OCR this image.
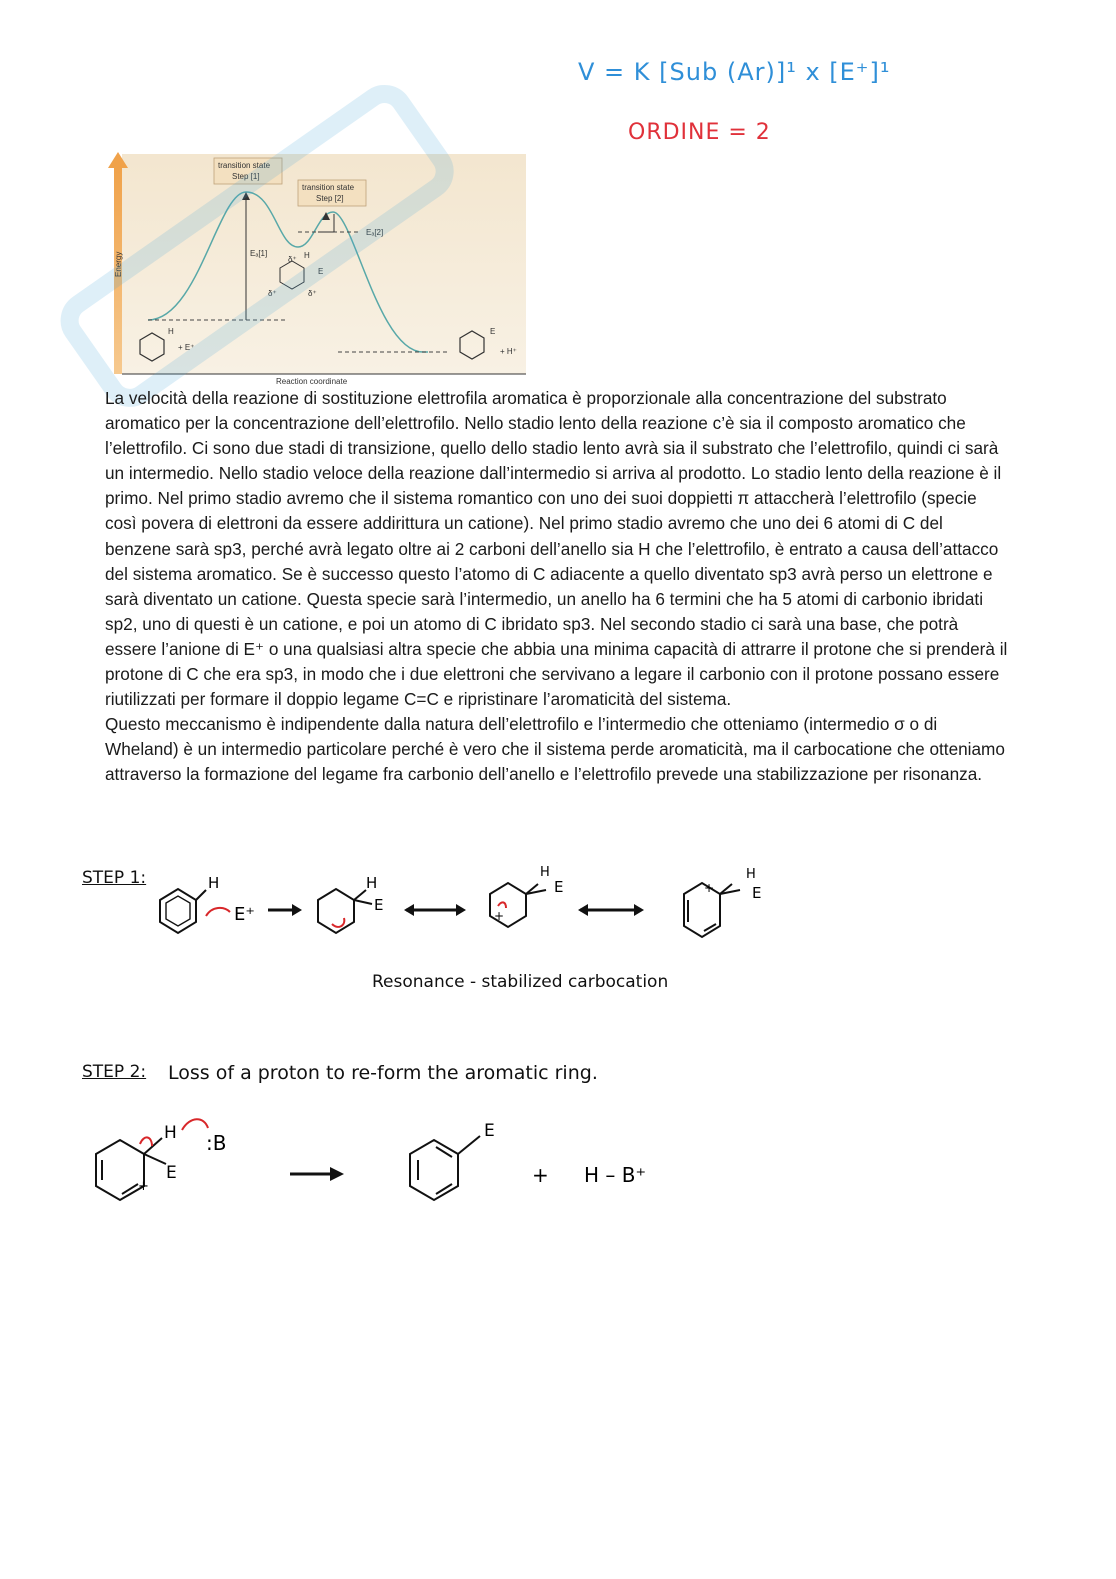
V = K [Sub (Ar)]¹ x [E⁺]¹
ORDINE = 2
Energy	Eₐ[1]
Eₐ[2]
transition state
Step [1]
transition state
Step [2]
H
E
δ⁺
δ⁺	δ⁺
H
+ E⁺
E
+ H⁺
Reaction coordinate

La velocità della reazione di sostituzione elettrofila aromatica è proporzionale alla concentrazione del substrato aromatico per la concentrazione dell’elettrofilo. Nello stadio lento della reazione c’è sia il composto aromatico che l’elettrofilo. Ci sono due stadi di transizione, quello dello stadio lento avrà sia il substrato che l’elettrofilo, quindi ci sarà un intermedio. Nello stadio veloce della reazione dall’intermedio si arriva al prodotto. Lo stadio lento della reazione è il primo. Nel primo stadio avremo che il sistema romantico con uno dei suoi doppietti π attaccherà l’elettrofilo (specie così povera di elettroni da essere addirittura un catione). Nel primo stadio avremo che uno dei 6 atomi di C del benzene sarà sp3, perché avrà legato oltre ai 2 carboni dell’anello sia H che l’elettrofilo, è entrato a causa dell’attacco del sistema aromatico. Se è successo questo l’atomo di C adiacente a quello diventato sp3 avrà perso un elettrone e sarà diventato un catione. Questa specie sarà l’intermedio, un anello ha 6 termini che ha 5 atomi di carbonio ibridati sp2, uno di questi è un catione, e poi un atomo di C ibridato sp3. Nel secondo stadio ci sarà una base, che potrà essere l’anione di E⁺ o una qualsiasi altra specie che abbia una minima capacità di attrarre il protone che si prenderà il protone di C che era sp3, in modo che i due elettroni che servivano a legare il carbonio con il protone possano essere riutilizzati per formare il doppio legame C=C e ripristinare l’aromaticità del sistema.

Questo meccanismo è indipendente dalla natura dell’elettrofilo e l’intermedio che otteniamo (intermedio σ o di Wheland) è un intermedio particolare perché è vero che il sistema perde aromaticità, ma il carbocatione che otteniamo attraverso la formazione del legame fra carbonio dell’anello e l’elettrofilo prevede una stabilizzazione per risonanza.

STEP 1:	H
E⁺
H
E
H
E
+
H
E
+
Resonance - stabilized carbocation
STEP 2: Loss of a proton to re-form the aromatic ring.
H :B
E
+
E
+ H – B⁺
